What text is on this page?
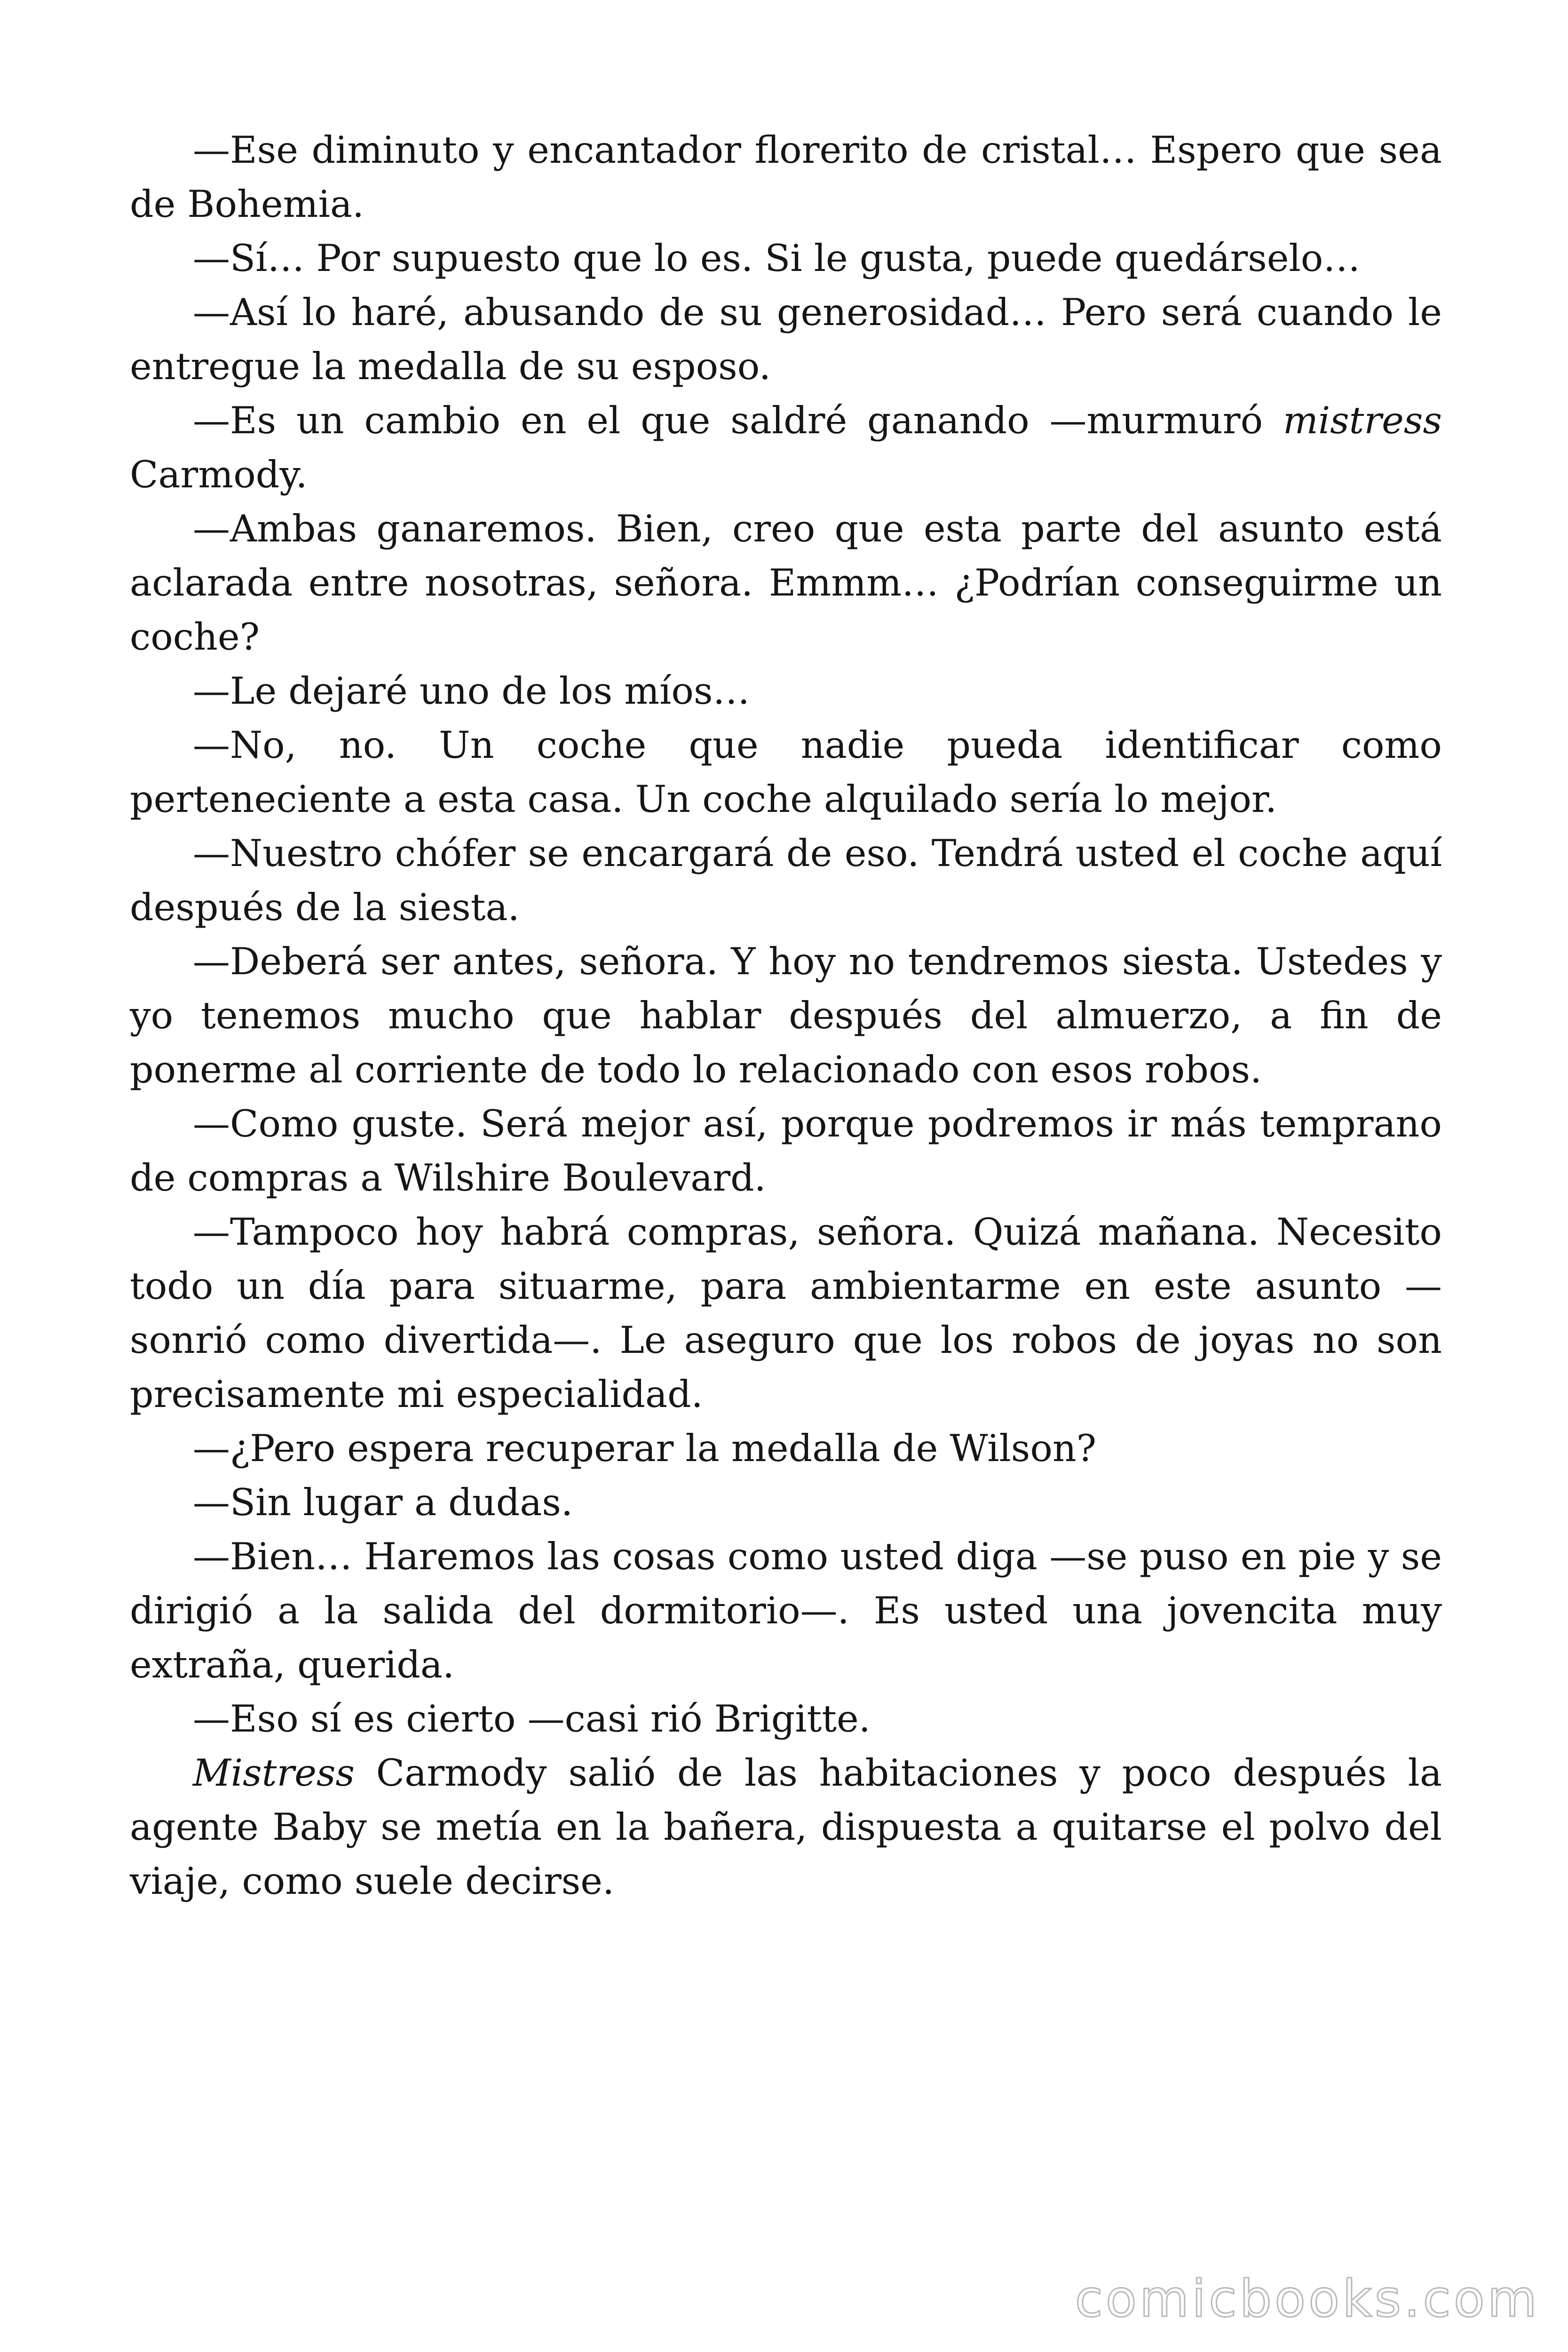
—Ese diminuto y encantador florerito de cristal… Espero que sea de Bohemia.

—Sí… Por supuesto que lo es. Si le gusta, puede quedárselo…

—Así lo haré, abusando de su generosidad… Pero será cuando le entregue la medalla de su esposo.

—Es un cambio en el que saldré ganando —murmuró mistress Carmody.

—Ambas ganaremos. Bien, creo que esta parte del asunto está aclarada entre nosotras, señora. Emmm… ¿Podrían conseguirme un coche?

—Le dejaré uno de los míos…

—No, no. Un coche que nadie pueda identificar como perteneciente a esta casa. Un coche alquilado sería lo mejor.

—Nuestro chófer se encargará de eso. Tendrá usted el coche aquí después de la siesta.

—Deberá ser antes, señora. Y hoy no tendremos siesta. Ustedes y yo tenemos mucho que hablar después del almuerzo, a fin de ponerme al corriente de todo lo relacionado con esos robos.

—Como guste. Será mejor así, porque podremos ir más temprano de compras a Wilshire Boulevard.

—Tampoco hoy habrá compras, señora. Quizá mañana. Necesito todo un día para situarme, para ambientarme en este asunto —sonrió como divertida—. Le aseguro que los robos de joyas no son precisamente mi especialidad.

—¿Pero espera recuperar la medalla de Wilson?

—Sin lugar a dudas.

—Bien… Haremos las cosas como usted diga —se puso en pie y se dirigió a la salida del dormitorio—. Es usted una jovencita muy extraña, querida.

—Eso sí es cierto —casi rió Brigitte.

Mistress Carmody salió de las habitaciones y poco después la agente Baby se metía en la bañera, dispuesta a quitarse el polvo del viaje, como suele decirse.

comicbooks.com
